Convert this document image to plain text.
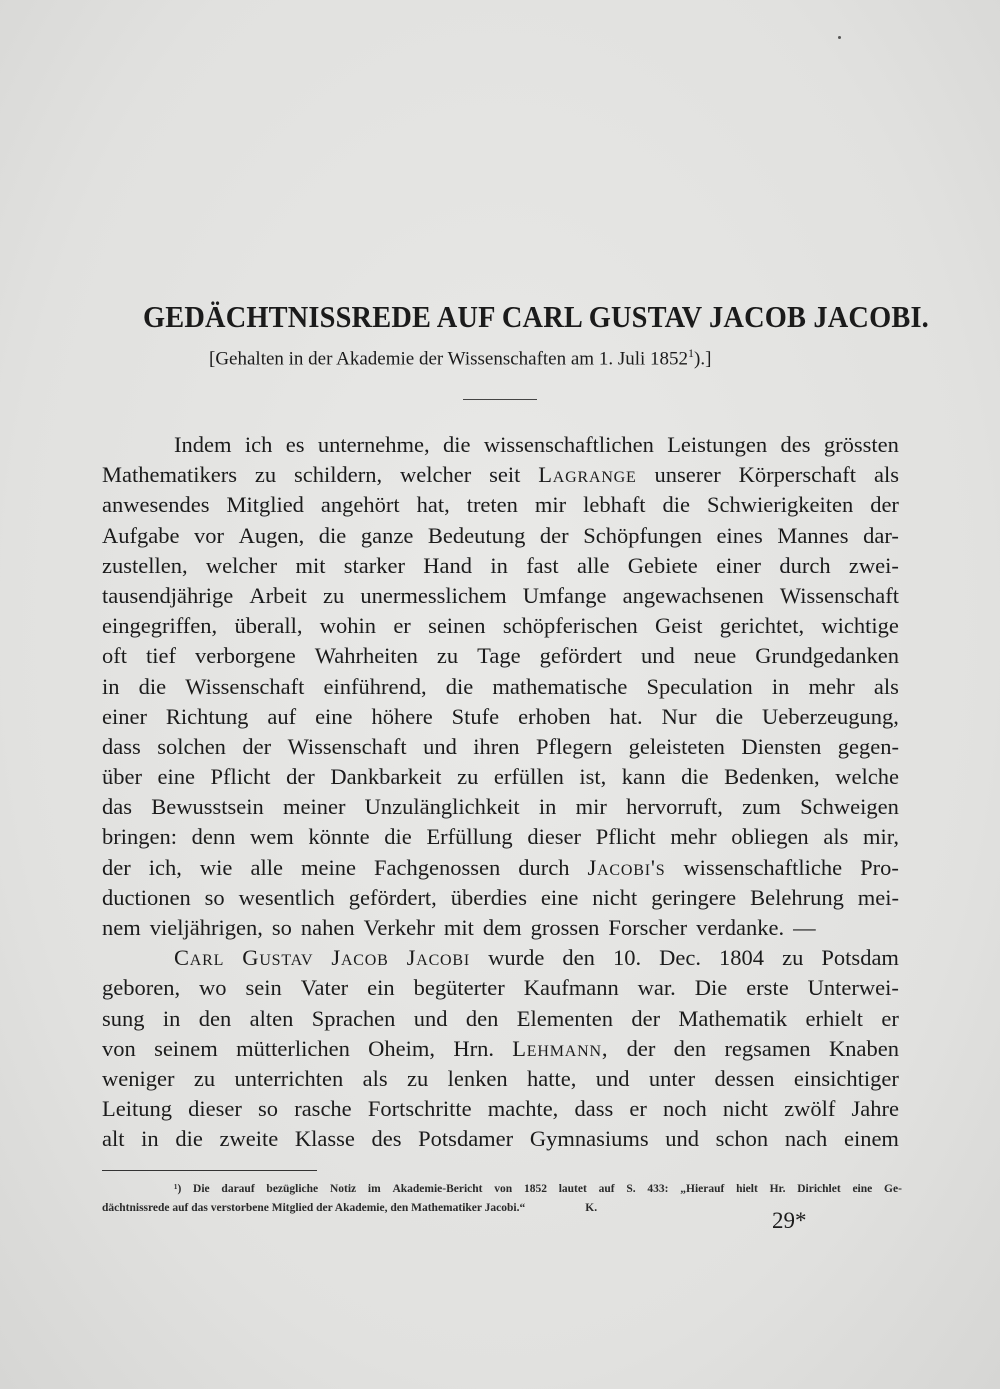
GEDÄCHTNISSREDE AUF CARL GUSTAV JACOB JACOBI.
[Gehalten in der Akademie der Wissenschaften am 1. Juli 1852$^1$).]
Indem ich es unternehme, die wissenschaftlichen Leistungen des grössten
Mathematikers zu schildern, welcher seit Lagrange unserer Körperschaft als
anwesendes Mitglied angehört hat, treten mir lebhaft die Schwierigkeiten der
Aufgabe vor Augen, die ganze Bedeutung der Schöpfungen eines Mannes dar-
zustellen, welcher mit starker Hand in fast alle Gebiete einer durch zwei-
tausendjährige Arbeit zu unermesslichem Umfange angewachsenen Wissenschaft
eingegriffen, überall, wohin er seinen schöpferischen Geist gerichtet, wichtige
oft tief verborgene Wahrheiten zu Tage gefördert und neue Grundgedanken
in die Wissenschaft einführend, die mathematische Speculation in mehr als
einer Richtung auf eine höhere Stufe erhoben hat. Nur die Ueberzeugung,
dass solchen der Wissenschaft und ihren Pflegern geleisteten Diensten gegen-
über eine Pflicht der Dankbarkeit zu erfüllen ist, kann die Bedenken, welche
das Bewusstsein meiner Unzulänglichkeit in mir hervorruft, zum Schweigen
bringen: denn wem könnte die Erfüllung dieser Pflicht mehr obliegen als mir,
der ich, wie alle meine Fachgenossen durch Jacobi's wissenschaftliche Pro-
ductionen so wesentlich gefördert, überdies eine nicht geringere Belehrung mei-
nem vieljährigen, so nahen Verkehr mit dem grossen Forscher verdanke. —
Carl Gustav Jacob Jacobi wurde den 10. Dec. 1804 zu Potsdam
geboren, wo sein Vater ein begüterter Kaufmann war. Die erste Unterwei-
sung in den alten Sprachen und den Elementen der Mathematik erhielt er
von seinem mütterlichen Oheim, Hrn. Lehmann, der den regsamen Knaben
weniger zu unterrichten als zu lenken hatte, und unter dessen einsichtiger
Leitung dieser so rasche Fortschritte machte, dass er noch nicht zwölf Jahre
alt in die zweite Klasse des Potsdamer Gymnasiums und schon nach einem
¹) Die darauf bezügliche Notiz im Akademie-Bericht von 1852 lautet auf S. 433: „Hierauf hielt Hr. Dirichlet eine Ge-
dächtnissrede auf das verstorbene Mitglied der Akademie, den Mathematiker Jacobi.“	K.	29*
